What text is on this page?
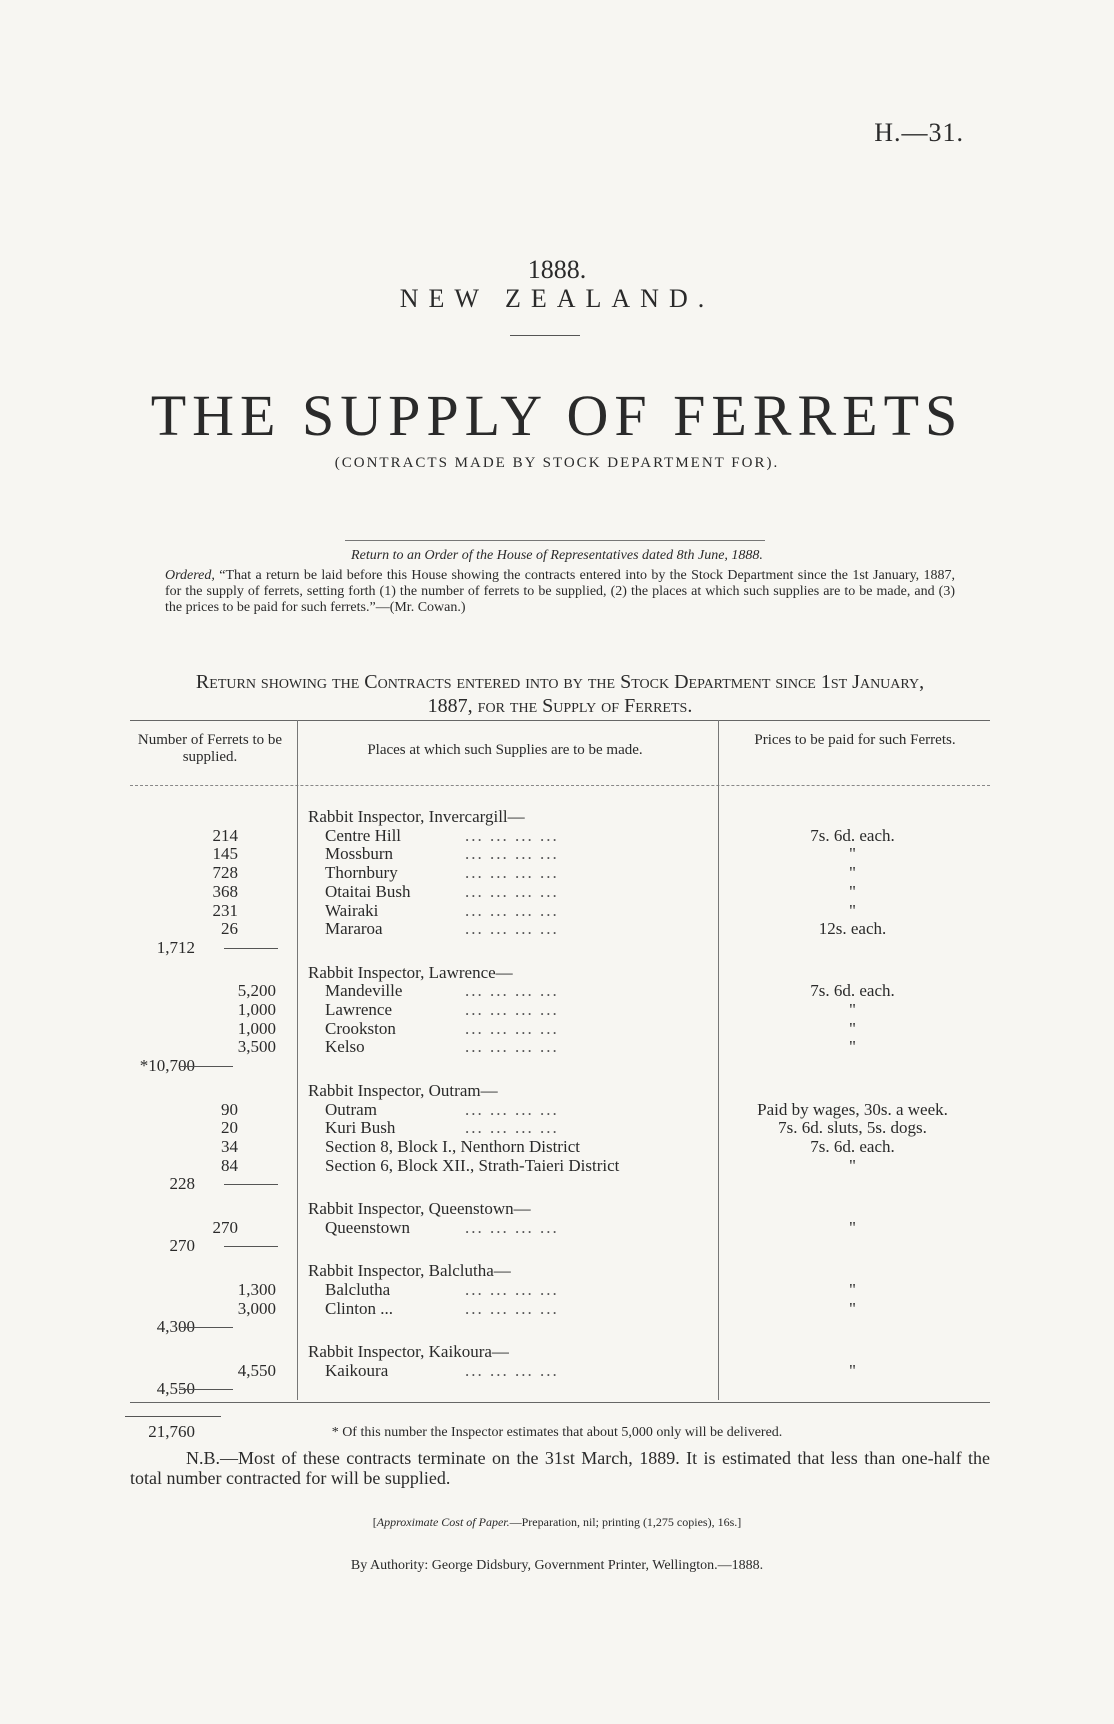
H.—31.
1888.
NEW ZEALAND.
THE SUPPLY OF FERRETS
(CONTRACTS MADE BY STOCK DEPARTMENT FOR).
Return to an Order of the House of Representatives dated 8th June, 1888.
Ordered, “That a return be laid before this House showing the contracts entered into by the Stock Department since the 1st January, 1887, for the supply of ferrets, setting forth (1) the number of ferrets to be supplied, (2) the places at which such supplies are to be made, and (3) the prices to be paid for such ferrets.”—(Mr. Cowan.)
Return showing the Contracts entered into by the Stock Department since 1st January,
1887, for the Supply of Ferrets.
Number of Ferrets to be supplied.	Places at which such Supplies are to be made.
Prices to be paid for such Ferrets.
Rabbit Inspector, Invercargill—
214	Centre Hill	... ... ... ...	7s. 6d. each.
145	Mossburn	... ... ... ...	"
728	Thornbury	... ... ... ...	"
368	Otaitai Bush	... ... ... ...	"
231	Wairaki	... ... ... ...	"
26	Mararoa	... ... ... ...	12s. each.
1,712
Rabbit Inspector, Lawrence—
5,200	Mandeville	... ... ... ...	7s. 6d. each.
1,000	Lawrence	... ... ... ...	"
1,000	Crookston	... ... ... ...	"
3,500	Kelso	... ... ... ...	"
*10,700
Rabbit Inspector, Outram—
90	Outram	... ... ... ...	Paid by wages, 30s. a week.
20	Kuri Bush	... ... ... ...	7s. 6d. sluts, 5s. dogs.
34	Section 8, Block I., Nenthorn District	7s. 6d. each.
84	Section 6, Block XII., Strath-Taieri District	"
228
Rabbit Inspector, Queenstown—
270	Queenstown	... ... ... ...	"
270
Rabbit Inspector, Balclutha—
1,300	Balclutha	... ... ... ...	"
3,000	Clinton ...	... ... ... ...	"
4,300
Rabbit Inspector, Kaikoura—
4,550	Kaikoura	... ... ... ...	"
4,550
21,760	* Of this number the Inspector estimates that about 5,000 only will be delivered.
N.B.—Most of these contracts terminate on the 31st March, 1889. It is estimated that less than one-half the total number contracted for will be supplied.
[Approximate Cost of Paper.—Preparation, nil; printing (1,275 copies), 16s.]
By Authority: George Didsbury, Government Printer, Wellington.—1888.
